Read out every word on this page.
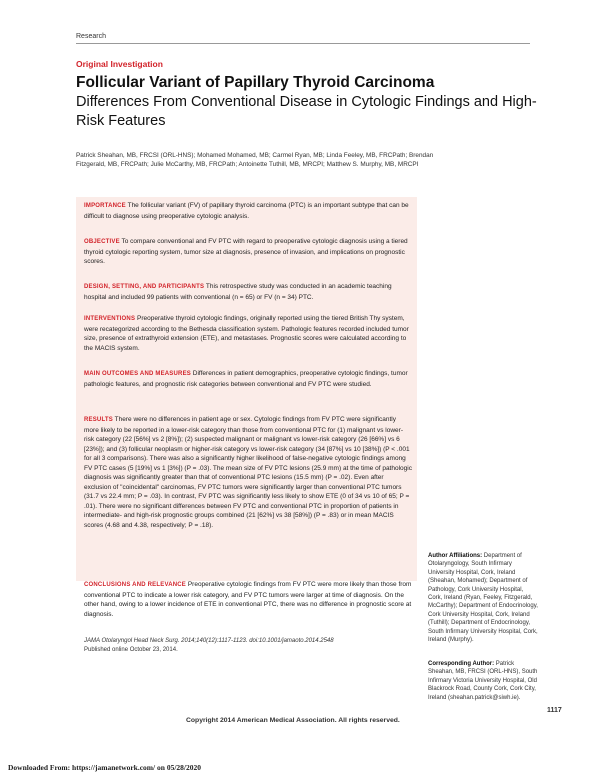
Research
Original Investigation
Follicular Variant of Papillary Thyroid Carcinoma
Differences From Conventional Disease in Cytologic Findings and High-Risk Features
Patrick Sheahan, MB, FRCSI (ORL-HNS); Mohamed Mohamed, MB; Carmel Ryan, MB; Linda Feeley, MB, FRCPath; Brendan Fitzgerald, MB, FRCPath; Julie McCarthy, MB, FRCPath; Antoinette Tuthill, MB, MRCPI; Matthew S. Murphy, MB, MRCPI
IMPORTANCE The follicular variant (FV) of papillary thyroid carcinoma (PTC) is an important subtype that can be difficult to diagnose using preoperative cytologic analysis.
OBJECTIVE To compare conventional and FV PTC with regard to preoperative cytologic diagnosis using a tiered thyroid cytologic reporting system, tumor size at diagnosis, presence of invasion, and implications on prognostic scores.
DESIGN, SETTING, AND PARTICIPANTS This retrospective study was conducted in an academic teaching hospital and included 99 patients with conventional (n = 65) or FV (n = 34) PTC.
INTERVENTIONS Preoperative thyroid cytologic findings, originally reported using the tiered British Thy system, were recategorized according to the Bethesda classification system. Pathologic features recorded included tumor size, presence of extrathyroid extension (ETE), and metastases. Prognostic scores were calculated according to the MACIS system.
MAIN OUTCOMES AND MEASURES Differences in patient demographics, preoperative cytologic findings, tumor pathologic features, and prognostic risk categories between conventional and FV PTC were studied.
RESULTS There were no differences in patient age or sex. Cytologic findings from FV PTC were significantly more likely to be reported in a lower-risk category than those from conventional PTC for (1) malignant vs lower-risk category (22 [56%] vs 2 [8%]); (2) suspected malignant or malignant vs lower-risk category (26 [66%] vs 6 [23%]); and (3) follicular neoplasm or higher-risk category vs lower-risk category (34 [87%] vs 10 [38%]) (P < .001 for all 3 comparisons). There was also a significantly higher likelihood of false-negative cytologic findings among FV PTC cases (5 [19%] vs 1 [3%]) (P = .03). The mean size of FV PTC lesions (25.9 mm) at the time of pathologic diagnosis was significantly greater than that of conventional PTC lesions (15.5 mm) (P = .02). Even after exclusion of "coincidental" carcinomas, FV PTC tumors were significantly larger than conventional PTC tumors (31.7 vs 22.4 mm; P = .03). In contrast, FV PTC was significantly less likely to show ETE (0 of 34 vs 10 of 65; P = .01). There were no significant differences between FV PTC and conventional PTC in proportion of patients in intermediate- and high-risk prognostic groups combined (21 [62%] vs 38 [58%]) (P = .83) or in mean MACIS scores (4.68 and 4.38, respectively; P = .18).
CONCLUSIONS AND RELEVANCE Preoperative cytologic findings from FV PTC were more likely than those from conventional PTC to indicate a lower risk category, and FV PTC tumors were larger at time of diagnosis. On the other hand, owing to a lower incidence of ETE in conventional PTC, there was no difference in prognostic score at diagnosis.
JAMA Otolaryngol Head Neck Surg. 2014;140(12):1117-1123. doi:10.1001/jamaoto.2014.2548
Published online October 23, 2014.
Author Affiliations: Department of Otolaryngology, South Infirmary University Hospital, Cork, Ireland (Sheahan, Mohamed); Department of Pathology, Cork University Hospital, Cork, Ireland (Ryan, Feeley, Fitzgerald, McCarthy); Department of Endocrinology, Cork University Hospital, Cork, Ireland (Tuthill); Department of Endocrinology, South Infirmary University Hospital, Cork, Ireland (Murphy).
Corresponding Author: Patrick Sheahan, MB, FRCSI (ORL-HNS), South Infirmary Victoria University Hospital, Old Blackrock Road, County Cork, Cork City, Ireland (sheahan.patrick@siwh.ie).
Copyright 2014 American Medical Association. All rights reserved.
1117
Downloaded From: https://jamanetwork.com/ on 05/28/2020
